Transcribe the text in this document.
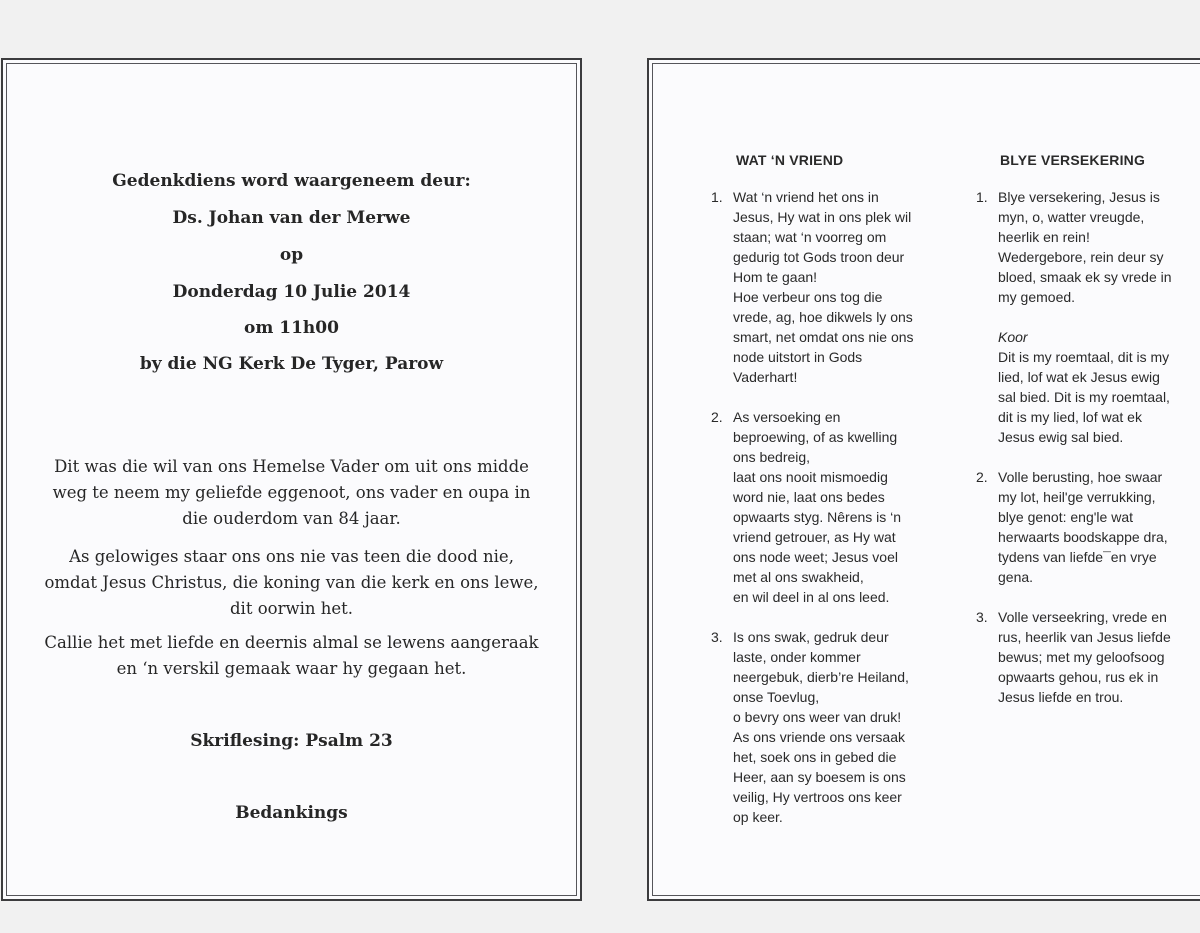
Gedenkdiens word waargeneem deur:
Ds. Johan van der Merwe
op
Donderdag 10 Julie 2014
om 11h00
by die NG Kerk De Tyger, Parow
Dit was die wil van ons Hemelse Vader om uit ons midde
weg te neem my geliefde eggenoot, ons vader en oupa in
die ouderdom van 84 jaar.
As gelowiges staar ons ons nie vas teen die dood nie,
omdat Jesus Christus, die koning van die kerk en ons lewe,
dit oorwin het.
Callie het met liefde en deernis almal se lewens aangeraak
en ‘n verskil gemaak waar hy gegaan het.
Skriflesing: Psalm 23
Bedankings
WAT ‘N VRIEND
1. Wat ‘n vriend het ons in
Jesus, Hy wat in ons plek wil
staan; wat ‘n voorreg om
gedurig tot Gods troon deur
Hom te gaan!
Hoe verbeur ons tog die
vrede, ag, hoe dikwels ly ons
smart, net omdat ons nie ons
node uitstort in Gods
Vaderhart!
2. As versoeking en
beproewing, of as kwelling
ons bedreig,
laat ons nooit mismoedig
word nie, laat ons bedes
opwaarts styg. Nêrens is ‘n
vriend getrouer, as Hy wat
ons node weet; Jesus voel
met al ons swakheid,
en wil deel in al ons leed.
3. Is ons swak, gedruk deur
laste, onder kommer
neergebuk, dierb’re Heiland,
onse Toevlug,
o bevry ons weer van druk!
As ons vriende ons versaak
het, soek ons in gebed die
Heer, aan sy boesem is ons
veilig, Hy vertroos ons keer
op keer.
BLYE VERSEKERING
1. Blye versekering, Jesus is
myn, o, watter vreugde,
heerlik en rein!
Wedergebore, rein deur sy
bloed, smaak ek sy vrede in
my gemoed.
Koor
Dit is my roemtaal, dit is my
lied, lof wat ek Jesus ewig
sal bied. Dit is my roemtaal,
dit is my lied, lof wat ek
Jesus ewig sal bied.
2. Volle berusting, hoe swaar
my lot, heil'ge verrukking,
blye genot: eng'le wat
herwaarts boodskappe dra,
tydens van liefde¯en vrye
gena.
3. Volle verseekring, vrede en
rus, heerlik van Jesus liefde
bewus; met my geloofsoog
opwaarts gehou, rus ek in
Jesus liefde en trou.
